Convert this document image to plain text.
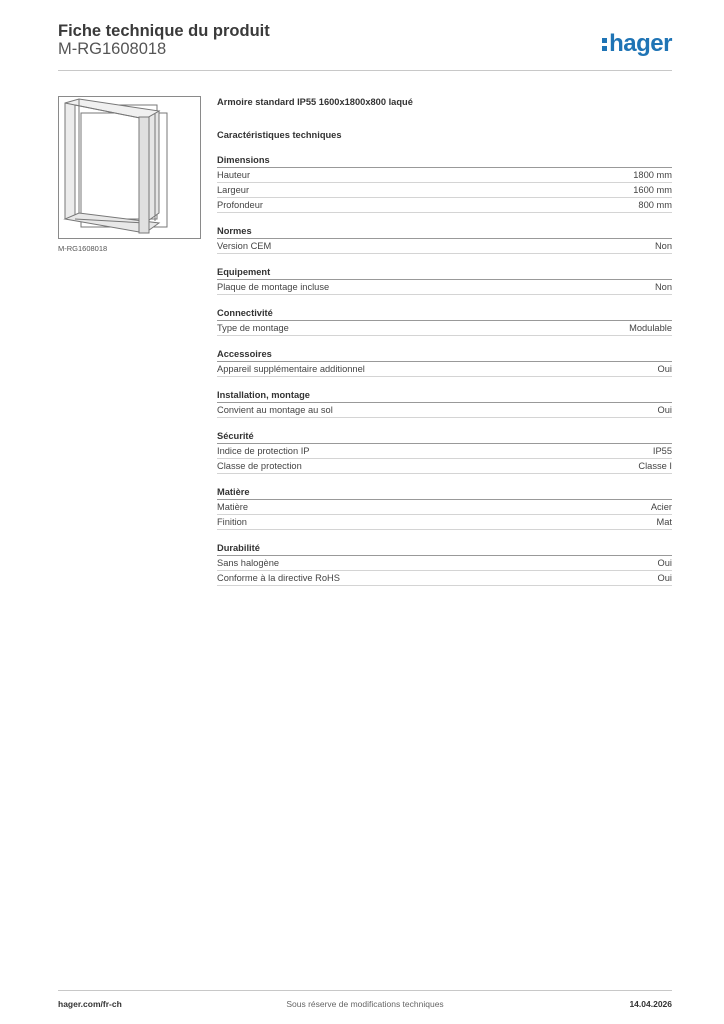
Fiche technique du produit
M-RG1608018	hager
M-RG1608018
Armoire standard IP55 1600x1800x800 laqué
Caractéristiques techniques
Dimensions
Hauteur	1800 mm
Largeur	1600 mm
Profondeur	800 mm
Normes
Version CEM	Non
Equipement
Plaque de montage incluse	Non
Connectivité
Type de montage	Modulable
Accessoires
Appareil supplémentaire additionnel	Oui
Installation, montage
Convient au montage au sol	Oui
Sécurité
Indice de protection IP	IP55
Classe de protection	Classe I
Matière
Matière	Acier
Finition	Mat
Durabilité
Sans halogène	Oui
Conforme à la directive RoHS	Oui
hager.com/fr-ch	Sous réserve de modifications techniques	14.04.2026
